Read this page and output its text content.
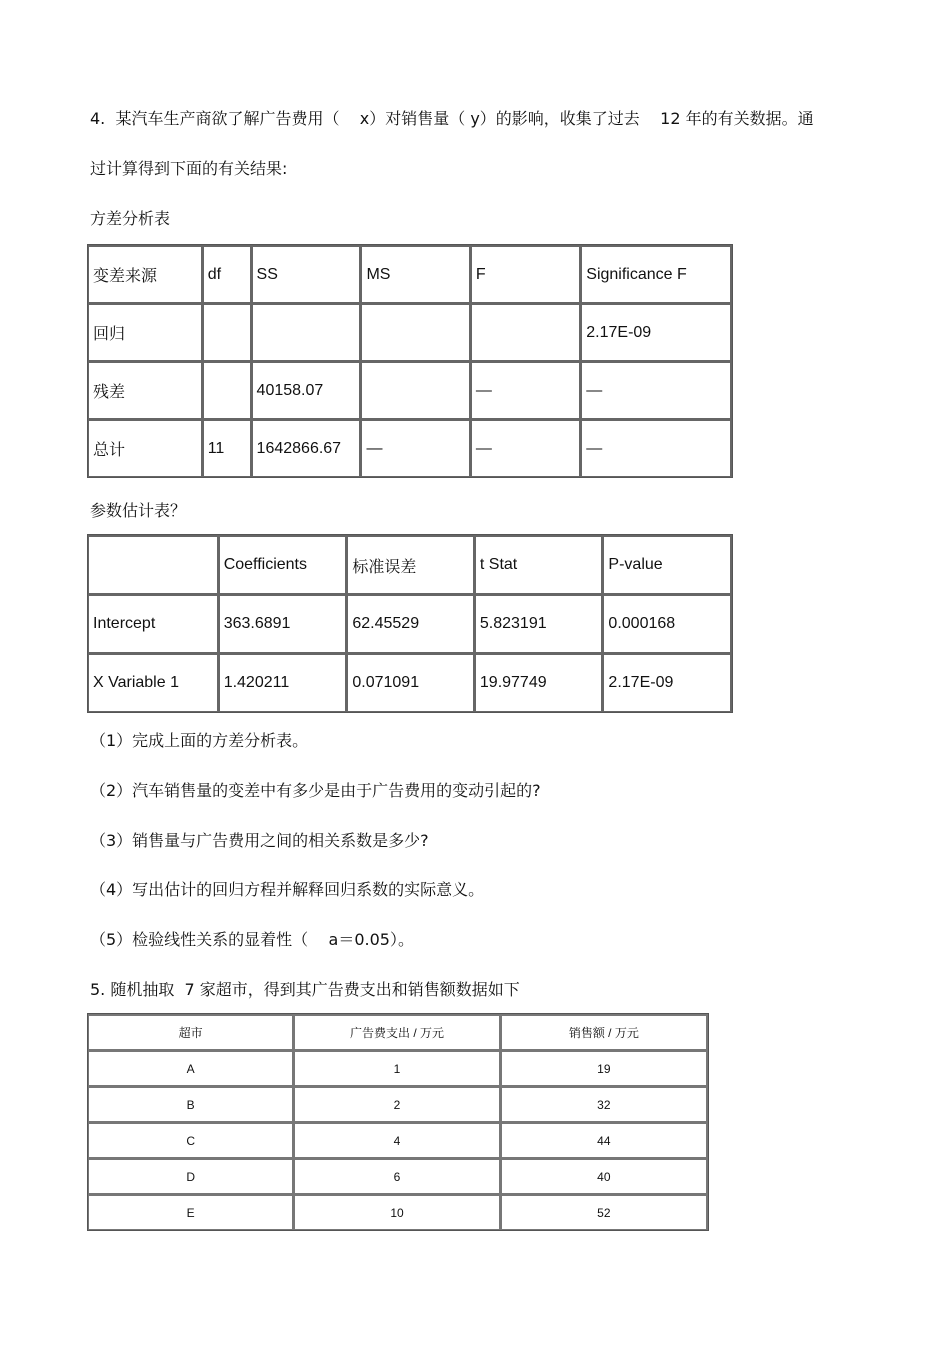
4.  某汽车生产商欲了解广告费用（    x）对销售量（ y）的影响，收集了过去    12 年的有关数据。通
过计算得到下面的有关结果:
方差分析表
变差来源	df	SS	MS	F	Significance F
回归					2.17E-09
残差		40158.07		—	—
总计	11	1642866.67	—	—	—
参数估计表？
	Coefficients	标准误差	t Stat	P-value
Intercept	363.6891	62.45529	5.823191	0.000168
X Variable 1	1.420211	0.071091	19.97749	2.17E-09
（1）完成上面的方差分析表。
（2）汽车销售量的变差中有多少是由于广告费用的变动引起的?
（3）销售量与广告费用之间的相关系数是多少?
（4）写出估计的回归方程并解释回归系数的实际意义。
（5）检验线性关系的显着性（    a＝0.05）。
5. 随机抽取  7 家超市，得到其广告费支出和销售额数据如下
超市	广告费支出 / 万元	销售额 / 万元
A	1	19
B	2	32
C	4	44
D	6	40
E	10	52
